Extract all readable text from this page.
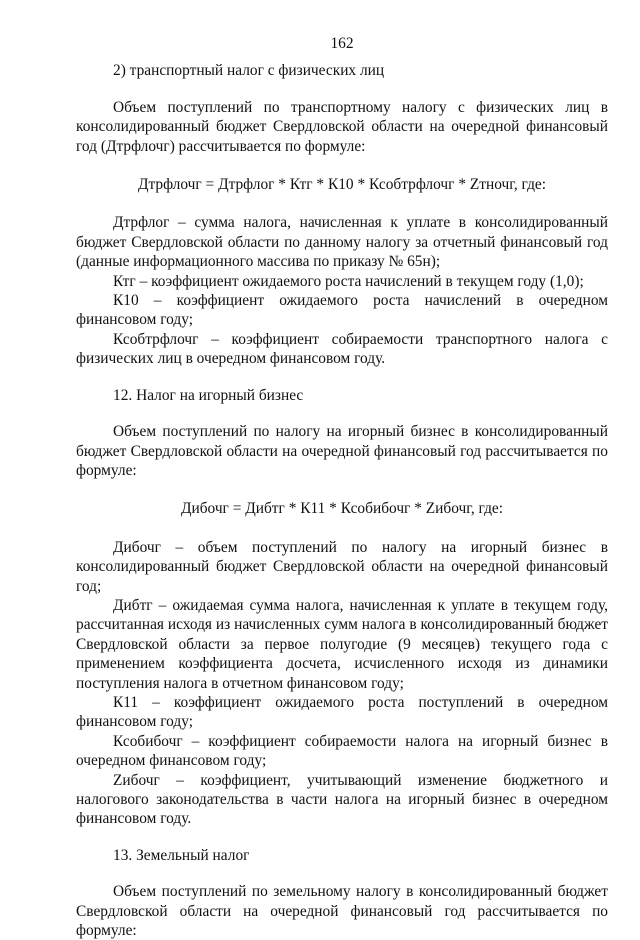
162

2) транспортный налог с физических лиц

Объем поступлений по транспортному налогу с физических лиц в консолидированный бюджет Свердловской области на очередной финансовый год (Дтрфлочг) рассчитывается по формуле:

Дтрфлочг = Дтрфлог * Ктг * К10 * Ксобтрфлочг * Zтночг, где:

Дтрфлог – сумма налога, начисленная к уплате в консолидированный бюджет Свердловской области по данному налогу за отчетный финансовый год (данные информационного массива по приказу № 65н);

Ктг – коэффициент ожидаемого роста начислений в текущем году (1,0);

К10 – коэффициент ожидаемого роста начислений в очередном финансовом году;

Ксобтрфлочг – коэффициент собираемости транспортного налога с физических лиц в очередном финансовом году.

12. Налог на игорный бизнес

Объем поступлений по налогу на игорный бизнес в консолидированный бюджет Свердловской области на очередной финансовый год рассчитывается по формуле:

Дибочг = Дибтг * К11 * Ксобибочг * Zибочг, где:

Дибочг – объем поступлений по налогу на игорный бизнес в консолидированный бюджет Свердловской области на очередной финансовый год;

Дибтг – ожидаемая сумма налога, начисленная к уплате в текущем году, рассчитанная исходя из начисленных сумм налога в консолидированный бюджет Свердловской области за первое полугодие (9 месяцев) текущего года с применением коэффициента досчета, исчисленного исходя из динамики поступления налога в отчетном финансовом году;

К11 – коэффициент ожидаемого роста поступлений в очередном финансовом году;

Ксобибочг – коэффициент собираемости налога на игорный бизнес в очередном финансовом году;

Zибочг – коэффициент, учитывающий изменение бюджетного и налогового законодательства в части налога на игорный бизнес в очередном финансовом году.

13. Земельный налог

Объем поступлений по земельному налогу в консолидированный бюджет Свердловской области на очередной финансовый год рассчитывается по формуле:
